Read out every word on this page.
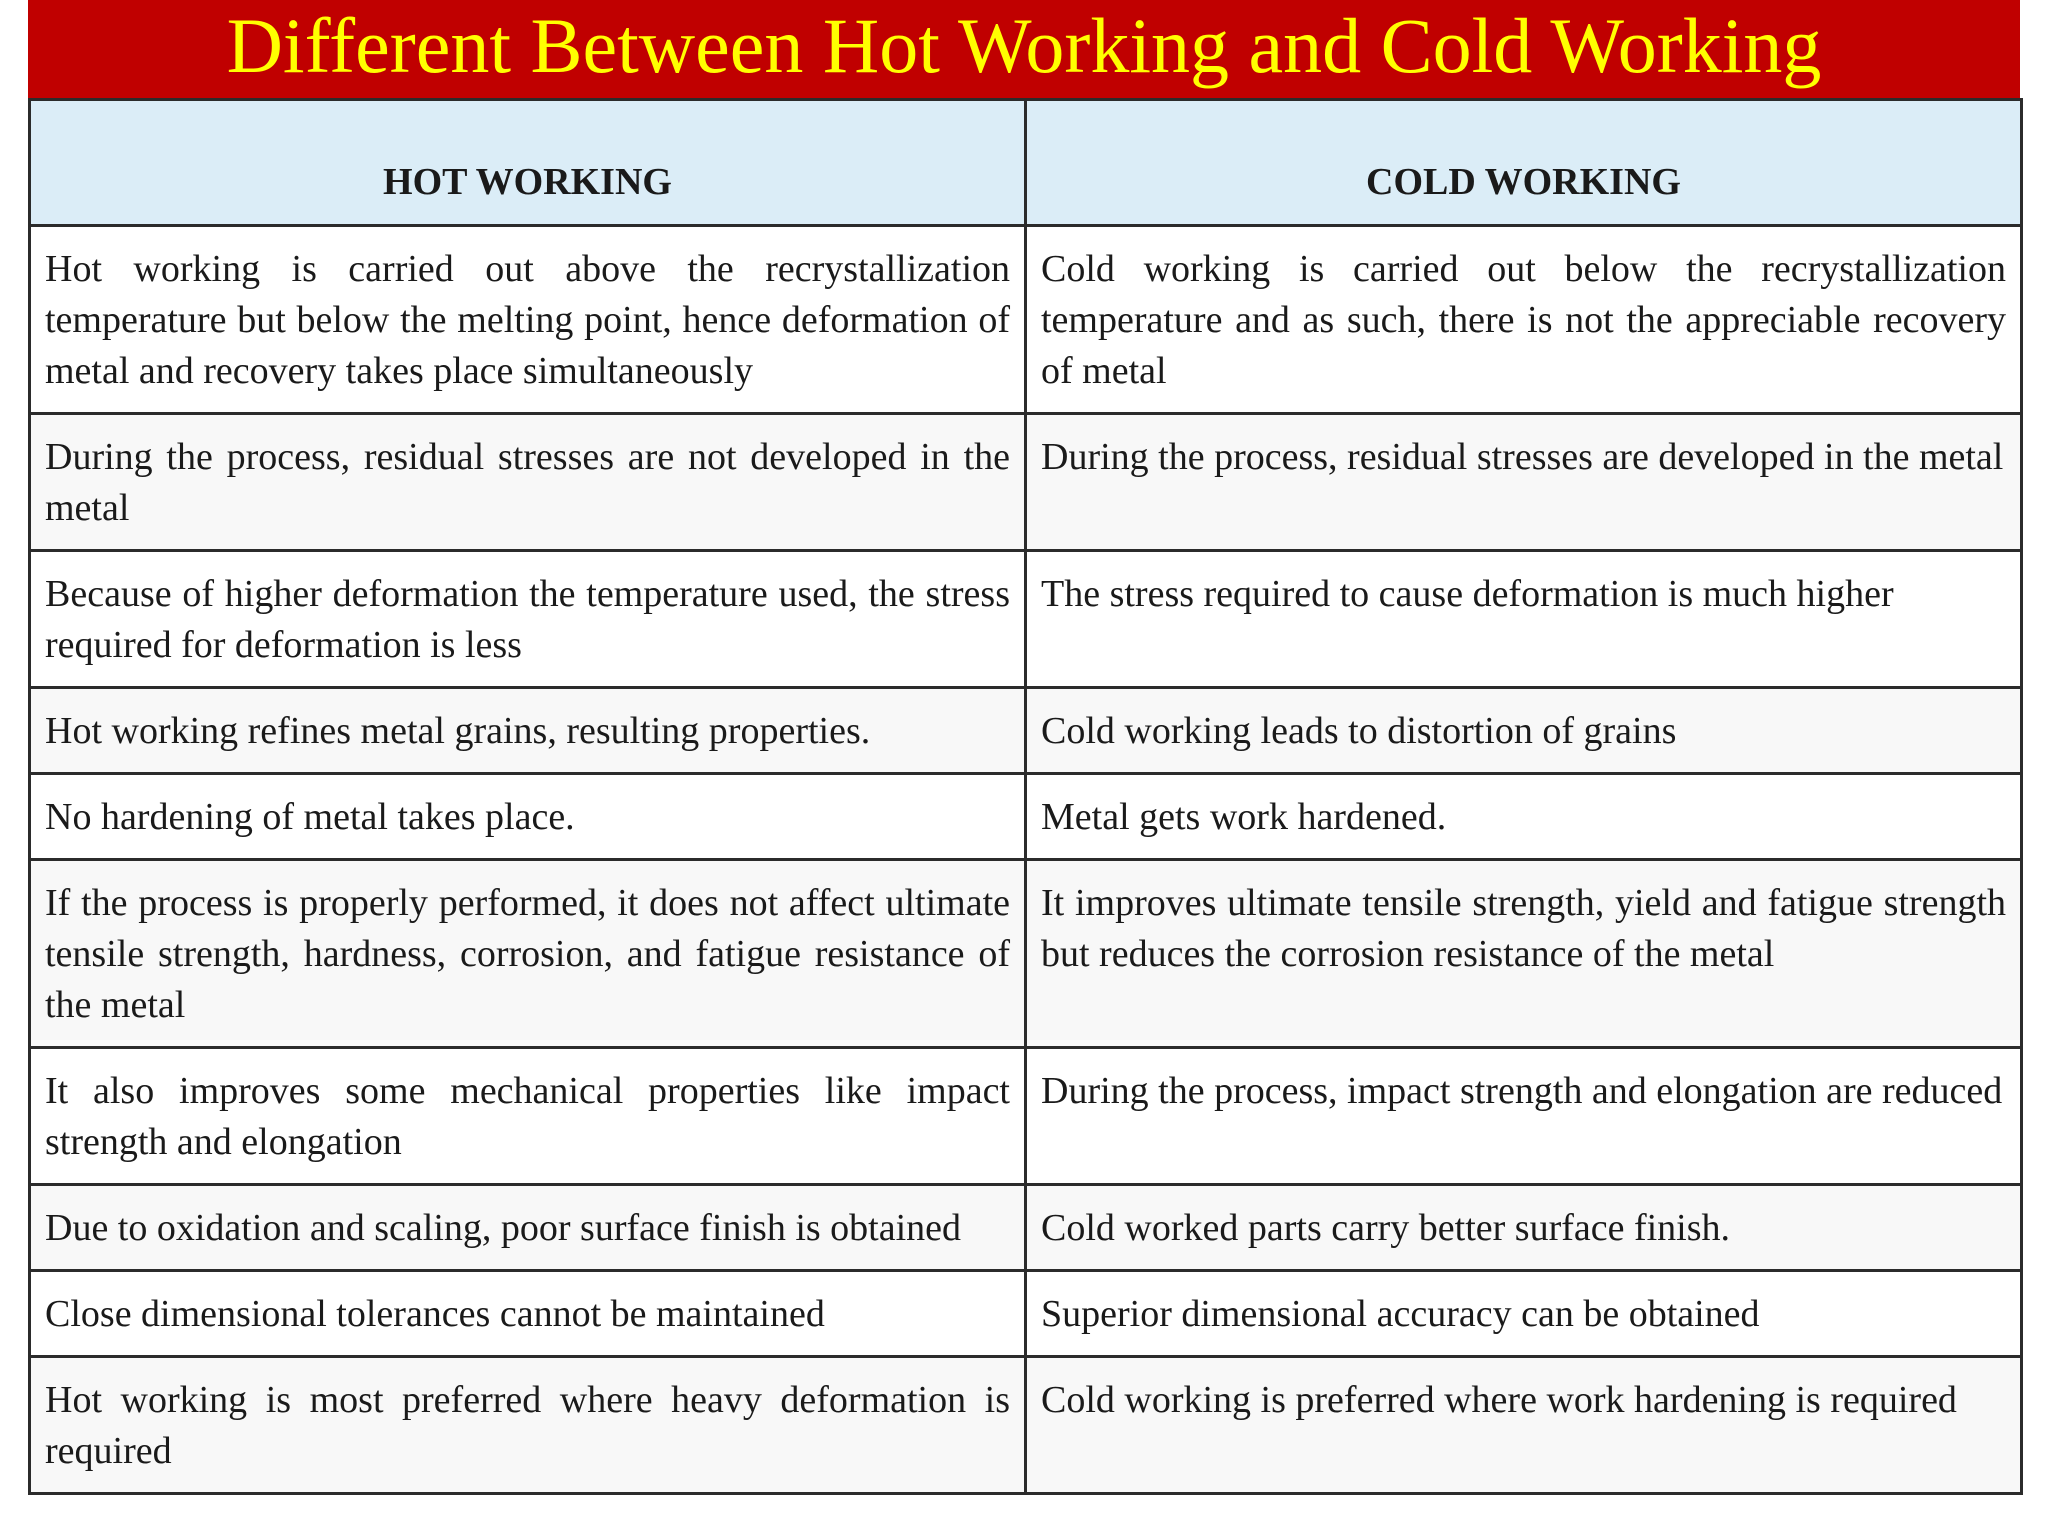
Different Between Hot Working and Cold Working
HOT WORKING	COLD WORKING
Hot working is carried out above the recrystallization temperature but below the melting point, hence deformation of metal and recovery takes place simultaneously	Cold working is carried out below the recrystallization temperature and as such, there is not the appreciable recovery of metal
During the process, residual stresses are not developed in the metal	During the process, residual stresses are developed in the metal
Because of higher deformation the temperature used, the stress required for deformation is less	The stress required to cause deformation is much higher
Hot working refines metal grains, resulting properties.	Cold working leads to distortion of grains
No hardening of metal takes place.	Metal gets work hardened.
If the process is properly performed, it does not affect ultimate tensile strength, hardness, corrosion, and fatigue resistance of the metal	It improves ultimate tensile strength, yield and fatigue strength but reduces the corrosion resistance of the metal
It also improves some mechanical properties like impact strength and elongation	During the process, impact strength and elongation are reduced
Due to oxidation and scaling, poor surface finish is obtained	Cold worked parts carry better surface finish.
Close dimensional tolerances cannot be maintained	Superior dimensional accuracy can be obtained
Hot working is most preferred where heavy deformation is required	Cold working is preferred where work hardening is required
